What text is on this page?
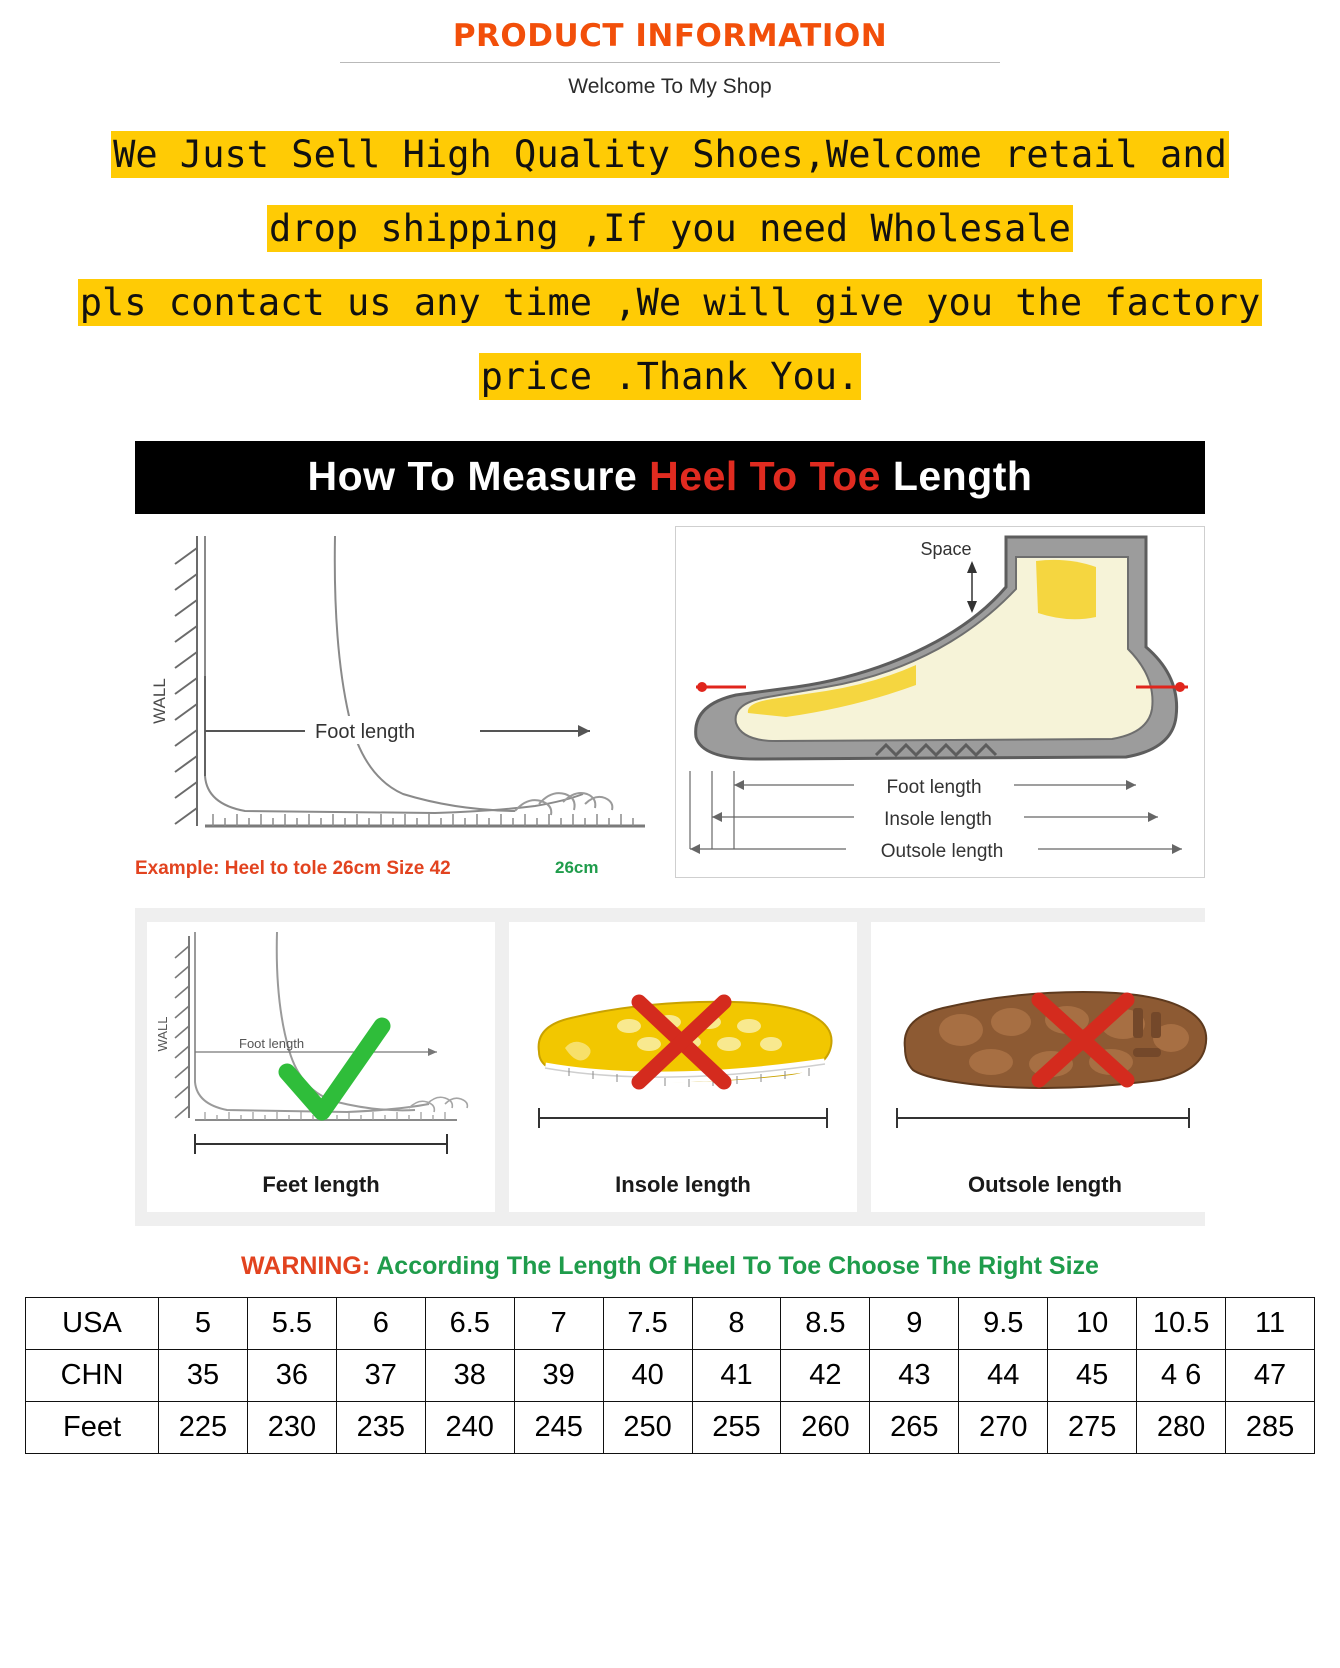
PRODUCT INFORMATION
Welcome To My Shop
We Just Sell High Quality Shoes,Welcome retail and
drop shipping ,If you need Wholesale
pls contact us any time ,We will give you the factory
price .Thank You.
How To Measure Heel To Toe Length
WALL
Foot length
Example: Heel to tole 26cm Size 42	26cm
Space
Foot length
Insole length
Outsole length
WALL	Foot length
Feet length	Insole length	Outsole length
WARNING: According The Length Of Heel To Toe Choose The Right Size
USA	5	5.5	6	6.5	7	7.5	8	8.5	9	9.5	10	10.5	11
CHN	35	36	37	38	39	40	41	42	43	44	45	4 6	47
Feet	225	230	235	240	245	250	255	260	265	270	275	280	285
